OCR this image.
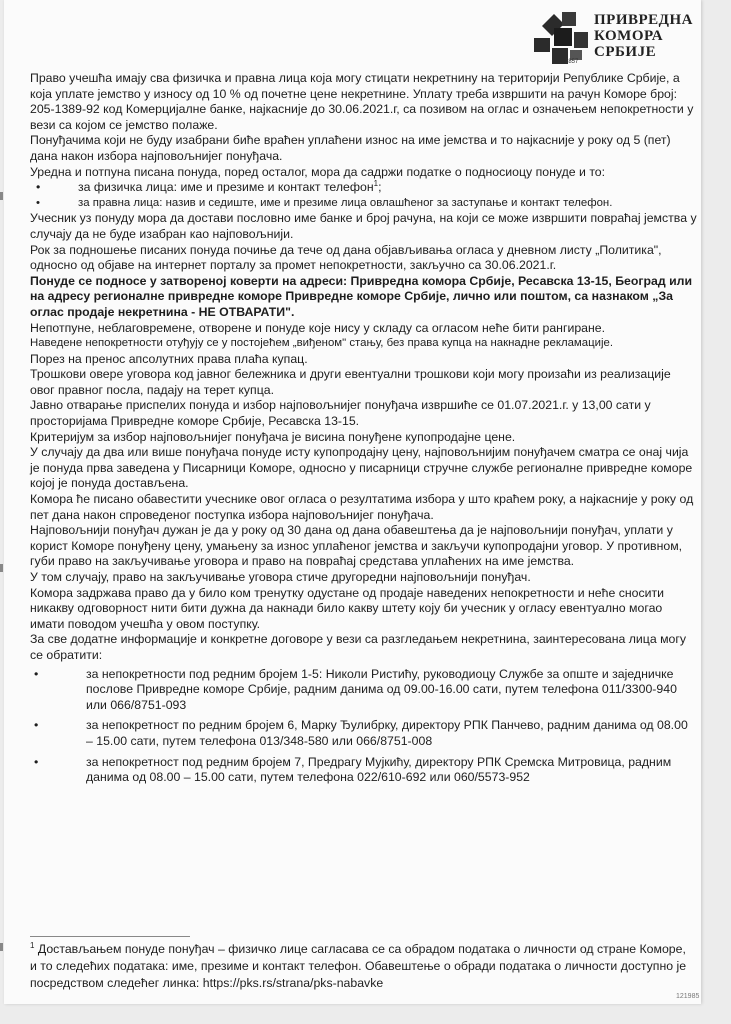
ПРИВРЕДНА
КОМОРА
СРБИЈЕ
1857

Право учешћа имају сва физичка и правна лица која могу стицати некретнину на територији Републике Србије, а која уплате јемство у износу од 10 % од почетне цене некретнине. Уплату треба извршити на рачун Коморе број: 205-1389-92 код Комерцијалне банке, најкасније до 30.06.2021.г, са позивом на оглас и означењем непокретности у вези са којом се јемство полаже.

Понуђачима који не буду изабрани биће враћен уплаћени износ на име јемства и то најкасније у року од 5 (пет) дана након избора најповољнијег понуђача.

Уредна и потпуна писана понуда, поред осталог, мора да садржи податке о подносиоцу понуде и то:

•	за физичка лица: име и презиме и контакт телефон$^1$;
•	за правна лица: назив и седиште, име и презиме лица овлашћеног за заступање и контакт телефон.

Учесник уз понуду мора да достави пословно име банке и број рачуна, на који се може извршити повраћај јемства у случају да не буде изабран као најповољнији.

Рок за подношење писаних понуда почиње да тече од дана објављивања огласа у дневном листу „Политика", односно од објаве на интернет порталу за промет непокретности, закључно са 30.06.2021.г.

Понуде се подносе у затвореној коверти на адреси: Привредна комора Србије, Ресавска 13-15, Београд или на адресу регионалне привредне коморе Привредне коморе Србије, лично или поштом, са назнаком „За оглас продаје некретнина - НЕ ОТВАРАТИ".

Непотпуне, неблаговремене, отворене и понуде које нису у складу са огласом неће бити рангиране.

Наведене непокретности отуђују се у постојећем „виђеном" стању, без права купца на накнадне рекламације.

Порез на пренос апсолутних права плаћа купац.

Трошкови овере уговора код јавног бележника и други евентуални трошкови који могу произаћи из реализације овог правног посла, падају на терет купца.

Јавно отварање приспелих понуда и избор најповољнијег понуђача извршиће се 01.07.2021.г. у 13,00 сати у просторијама Привредне коморе Србије, Ресавска 13-15.

Критеријум за избор најповољнијег понуђача је висина понуђене купопродајне цене.

У случају да два или више понуђача понуде исту купопродајну цену, најповољнијим понуђачем сматра се онај чија је понуда прва заведена у Писарници Коморе, односно у писарници стручне службе регионалне привредне коморе којој је понуда достављена.

Комора ће писано обавестити учеснике овог огласа о резултатима избора у што краћем року, а најкасније у року од пет дана након спроведеног поступка избора најповољнијег понуђача.

Најповољнији понуђач дужан је да у року од 30 дана од дана обавештења да је најповољнији понуђач, уплати у корист Коморе понуђену цену, умањену за износ уплаћеног јемства и закључи купопродајни уговор. У противном, губи право на закључивање уговора и право на повраћај средстава уплаћених на име јемства.

У том случају, право на закључивање уговора стиче другоредни најповољнији понуђач.

Комора задржава право да у било ком тренутку одустане од продаје наведених непокретности и неће сносити никакву одговорност нити бити дужна да накнади било какву штету коју би учесник у огласу евентуално могао имати поводом учешћа у овом поступку.

За све додатне информације и конкретне договоре у вези са разгледањем некретнина, заинтересована лица могу се обратити:

•	за непокретности под редним бројем 1-5: Николи Ристићу, руководиоцу Службе за опште и заједничке послове Привредне коморе Србије, радним данима од 09.00-16.00 сати, путем телефона 011/3300-940 или 066/8751-093
•	за непокретност по редним бројем 6, Марку Ђулибрку, директору РПК Панчево, радним данима од 08.00 – 15.00 сати, путем телефона 013/348-580 или 066/8751-008
•	за непокретност под редним бројем 7, Предрагу Мујкићу, директору РПК Сремска Митровица, радним данима од 08.00 – 15.00 сати, путем телефона 022/610-692 или 060/5573-952

$^1$ Достављањем понуде понуђач – физичко лице сагласава се са обрадом података о личности од стране Коморе, и то следећих података: име, презиме и контакт телефон. Обавештење о обради података о личности доступно је посредством следећег линка: https://pks.rs/strana/pks-nabavke

121985
